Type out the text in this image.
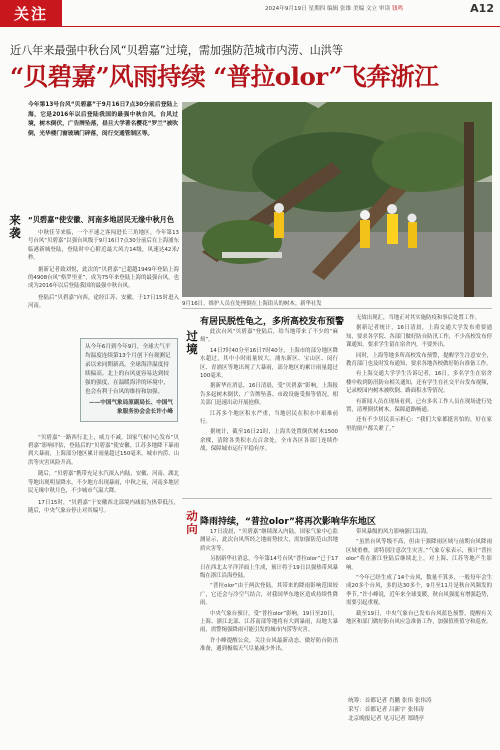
关注	2024年9月19日 星期四 编辑 张维 美编 文立 审读 钱鸣	A12
近八年来最强中秋台风“贝碧嘉”过境，需加强防范城市内涝、山洪等
“贝碧嘉”风雨持续 “普拉olor”飞奔浙江
今年第13号台风“贝碧嘉”于9月16日7点30分前后登陆上海，它是2016年以后登陆我国的最强中秋台风，台风过境，树木倒伏，广告牌坠落，昼旦大学著名樱花“罗兰”被吹倒，光华楼门窗玻璃门碎落，闵行交通管制区等。
来
袭

“贝碧嘉”使安徽、河南多地居民无缘中秋月色

中秋佳节来临，一个不速之客闯进长三角地区。今年第13号台风“贝碧嘉”以强台风级于9月16日7点30分前后在上海浦东临港新城登陆，登陆时中心附近最大风力14级，风速达42米/秒。

据新记者致刘悦，此次的“贝碧嘉”已超越1949年登陆上海的4908台风“格罗里亚”，成为75年来登陆上海的最强台风，也成为2016年以后登陆我国的最强中秋台风。

登陆后“贝碧嘉”向西，途经江苏、安徽，于17日15时进入河南。

“贝碧嘉”一路西行北上，威力不减。国家气候中心发布“贝碧嘉”影响评估，登陆后的“贝碧嘉”使安徽、江苏多地降下暴雨到大暴雨，上海部分地区累计雨量超过150毫米，城市内涝、山洪等灾害风险升高。

随后，“贝碧嘉”携带充足水汽深入内陆，安徽、河南、湖北等地出现明显降水，不少地方出现暴雨，中秋之夜，河南多地居民无缘中秋月色，不少城市气温大降。

17日15时，“贝碧嘉”于安徽西北部境内减弱为热带低压，随后，中央气象台停止对其编号。

从今年6月到今年9月，全球大气平均温度连续第13个月创下有观测记录以来同期新高，全球海洋温度持续偏高。北上的台风更容易达到较强的强度，在温暖海洋的环境中，也会有利于台风的维持和加强。
——中国气象局原副局长、中国气象服务协会会长许小峰
9月16日，维护人员在处理倒在上海街头的树木。新华社发
过
境
有居民脱性龟之，多所高校发布预警

此次台风“贝碧嘉”登陆后，给当地带来了不少的“麻烦”。

14日7时40分至16日7时40分，上海市的部分地区降水超过，其中小时雨量较大，浦东新区、宝山区、闵行区、青浦区等地出现了大暴雨，部分地区的累计雨量超过100毫米。

据新华社消息，16日清晨，受“贝碧嘉”影响，上海报告多起树木倒伏、广告牌坠落、市政设施受损等情况，相关部门迅速出动开展抢修。

江苏多个地区积水严重，当地居民在积水中艰难前行。

据统计，截至16日21时，上海共处置倒伏树木1500余棵，清除各类积水点百余处，全市各区各部门连续作战，保障城市运行平稳有序。

无故出现汇，当地正对其实施防疫和事后处置工作。

据新记者统计，16日清晨，上海交通大学发布重要通知，要求各学院、各部门做好防台防汛工作，不少高校发布停课通知，要求学生留在宿舍内，不要外出。

同时，上海等地多所高校发布预警，提醒学生注意安全，教育部门也及时发布通知，要求各地各校做好防台准备工作。

有上海交通大学学生告诉记者，16日，多名学生在宿舍楼中收到防汛防台相关通知，还有学生在社交平台发布视频，记录校园内树木被吹倒、路面积水等情况。

有新闻人员在现场看到，已有多名工作人员在现场进行处置，清理倒伏树木，保障道路畅通。

还有不少居民表示担心：“我们大家都挺害怕的，好在家里的窗户都关紧了。”

动
向 降雨持续，“普拉olor”将再次影响华东地区

17日凌晨，“贝碧嘉”继续深入内陆，国家气象中心监测显示，此次台风所经之地雨势较大，需加强防范山洪地质灾害等。

另据新华社消息，今年第14号台风“普拉olor”已于17日在西北太平洋洋面上生成，预计将于19日以强热带风暴级在浙江沿海登陆。

“普拉olor”由于两次登陆，其带来的降雨影响范围较广，它还会与冷空气结合，对我国华东地区造成持续性降雨。

中央气象台预计，受“普拉olor”影响，19日至20日，上海、浙江北部、江苏南部等地将有大到暴雨，局地大暴雨，需警惕强降雨可能引发的城市内涝等灾害。

许小峰提醒公众，关注台风最新动态，做好防台防汛准备，遇到极端天气尽量减少外出。

带风暴级的风力影响浙江沿海。

“虽然台风等级不高，但由于强降雨区域与前期台风降雨区域重叠，需特别注意次生灾害。”气象专家表示，预计“普拉olor”将在浙江登陆后继续北上，对上海、江苏等地产生影响。

“今年已经生成了14个台风，数量不算多，一般每年会生成20多个台风，多的达30多个，9月至11月是秋台风频发的季节。”许小峰说，近年来全球变暖，秋台风强度有增强趋势，需要引起重视。

截至19日，中央气象台已发布台风蓝色预警，提醒有关地区和部门做好防台风应急准备工作，加强值班值守和巡查。

统筹：首都记者 肖鹏 张伟 张伟涛
采写：首都记者 吕新宇 张伟涛
北京晚报记者 见习记者 郑晓亭
